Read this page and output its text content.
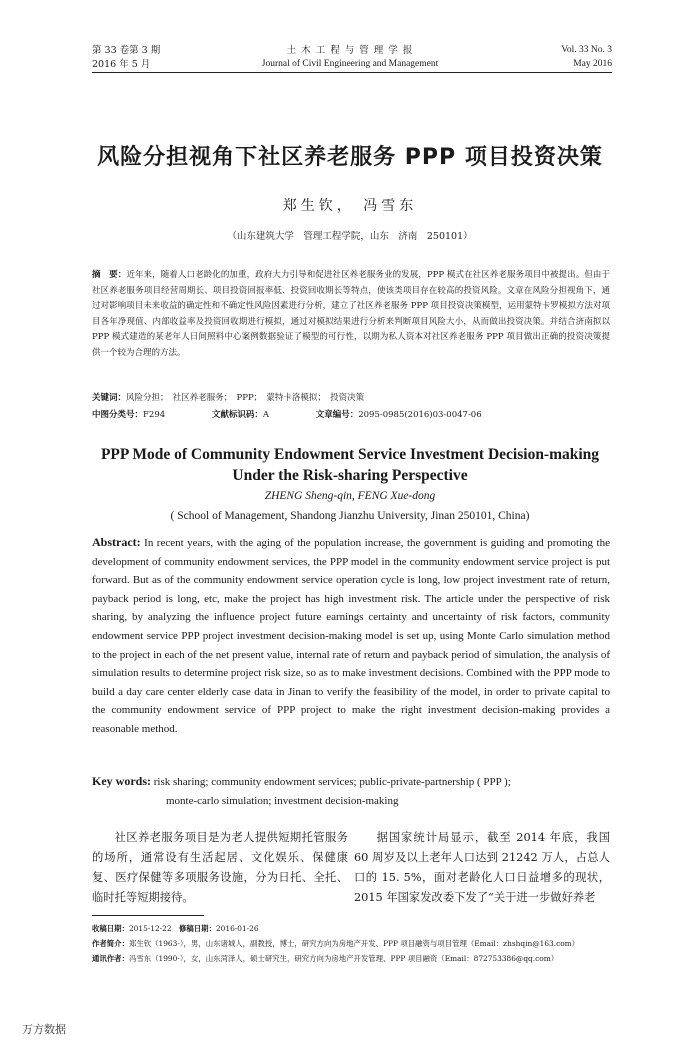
第 33 卷第 3 期
2016 年 5 月
土 木 工 程 与 管 理 学 报
Journal of Civil Engineering and Management
Vol. 33 No. 3
May 2016
风险分担视角下社区养老服务 PPP 项目投资决策
郑生钦， 冯雪东
（山东建筑大学　管理工程学院，山东　济南　250101）
摘　要：近年来，随着人口老龄化的加重，政府大力引导和促进社区养老服务业的发展，PPP 模式在社区养老服务项目中被提出。但由于社区养老服务项目经营周期长、项目投资回报率低、投资回收期长等特点，使该类项目存在较高的投资风险。文章在风险分担视角下，通过对影响项目未来收益的确定性和不确定性风险因素进行分析，建立了社区养老服务 PPP 项目投资决策模型，运用蒙特卡罗模拟方法对项目各年净现值、内部收益率及投资回收期进行模拟，通过对模拟结果进行分析来判断项目风险大小，从而做出投资决策。并结合济南拟以 PPP 模式建造的某老年人日间照料中心案例数据验证了模型的可行性，以期为私人资本对社区养老服务 PPP 项目做出正确的投资决策提供一个较为合理的方法。
关键词：风险分担；　社区养老服务；　PPP；　蒙特卡洛模拟；　投资决策
中图分类号：F294	文献标识码：A	文章编号：2095-0985(2016)03-0047-06
PPP Mode of Community Endowment Service Investment Decision-making
Under the Risk-sharing Perspective
ZHENG Sheng-qin, FENG Xue-dong
( School of Management, Shandong Jianzhu University, Jinan 250101, China)
Abstract: In recent years, with the aging of the population increase, the government is guiding and promoting the development of community endowment services, the PPP model in the community endowment service project is put forward. But as of the community endowment service operation cycle is long, low project investment rate of return, payback period is long, etc, make the project has high investment risk. The article under the perspective of risk sharing, by analyzing the influence project future earnings certainty and uncertainty of risk factors, community endowment service PPP project investment decision-making model is set up, using Monte Carlo simulation method to the project in each of the net present value, internal rate of return and payback period of simulation, the analysis of simulation results to determine project risk size, so as to make investment decisions. Combined with the PPP mode to build a day care center elderly case data in Jinan to verify the feasibility of the model, in order to private capital to the community endowment service of PPP project to make the right investment decision-making provides a reasonable method.
Key words: risk sharing; community endowment services; public-private-partnership ( PPP );
monte-carlo simulation; investment decision-making
社区养老服务项目是为老人提供短期托管服务的场所，通常设有生活起居、文化娱乐、保健康复、医疗保健等多项服务设施，分为日托、全托、临时托等短期接待。
据国家统计局显示，截至 2014 年底，我国 60 周岁及以上老年人口达到 21242 万人，占总人口的 15. 5%，面对老龄化人口日益增多的现状，2015 年国家发改委下发了“关于进一步做好养老
收稿日期：2015-12-22　 修稿日期：2016-01-26
作者简介：郑生钦（1963-），男，山东诸城人，副教授，博士，研究方向为房地产开发、PPP 项目融资与项目管理（Email：zhshqin@163.com）
通讯作者：冯雪东（1990-），女，山东菏泽人，硕士研究生，研究方向为房地产开发管理、PPP 项目融资（Email：872753386@qq.com）
万方数据
